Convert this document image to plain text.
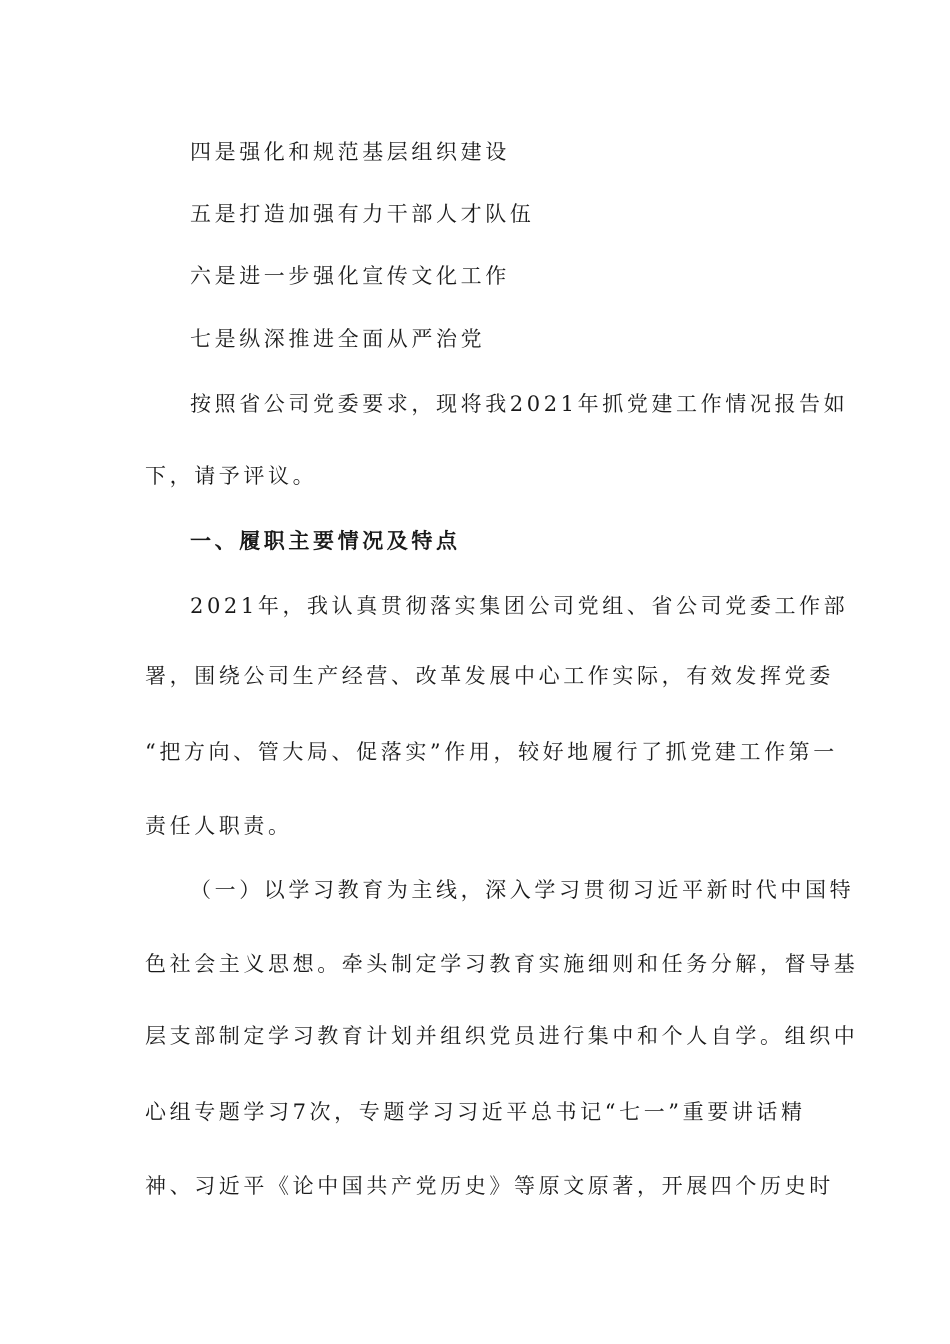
四是强化和规范基层组织建设
五是打造加强有力干部人才队伍
六是进一步强化宣传文化工作
七是纵深推进全面从严治党
按照省公司党委要求，现将我2021年抓党建工作情况报告如
下，请予评议。
一、履职主要情况及特点
2021年，我认真贯彻落实集团公司党组、省公司党委工作部
署，围绕公司生产经营、改革发展中心工作实际，有效发挥党委
“把方向、管大局、促落实”作用，较好地履行了抓党建工作第一
责任人职责。
（一）以学习教育为主线，深入学习贯彻习近平新时代中国特
色社会主义思想。牵头制定学习教育实施细则和任务分解，督导基
层支部制定学习教育计划并组织党员进行集中和个人自学。组织中
心组专题学习7次，专题学习习近平总书记“七一”重要讲话精
神、习近平《论中国共产党历史》等原文原著，开展四个历史时
